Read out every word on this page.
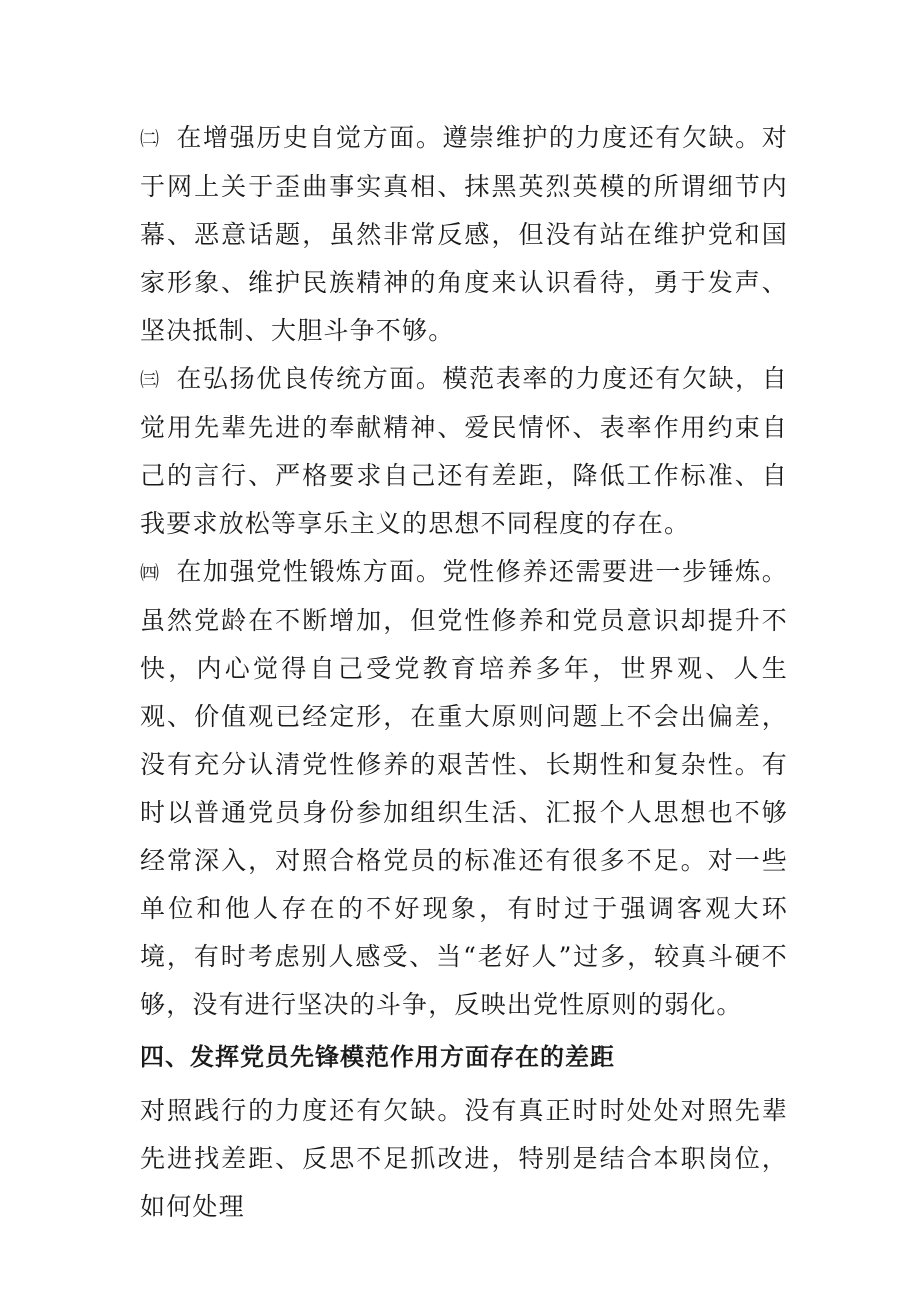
㈡ 在增强历史自觉方面。遵崇维护的力度还有欠缺。对于网上关于歪曲事实真相、抹黑英烈英模的所谓细节内幕、恶意话题，虽然非常反感，但没有站在维护党和国家形象、维护民族精神的角度来认识看待，勇于发声、坚决抵制、大胆斗争不够。

㈢ 在弘扬优良传统方面。模范表率的力度还有欠缺，自觉用先辈先进的奉献精神、爱民情怀、表率作用约束自己的言行、严格要求自己还有差距，降低工作标准、自我要求放松等享乐主义的思想不同程度的存在。

㈣ 在加强党性锻炼方面。党性修养还需要进一步锤炼。虽然党龄在不断增加，但党性修养和党员意识却提升不快，内心觉得自己受党教育培养多年，世界观、人生观、价值观已经定形，在重大原则问题上不会出偏差，没有充分认清党性修养的艰苦性、长期性和复杂性。有时以普通党员身份参加组织生活、汇报个人思想也不够经常深入，对照合格党员的标准还有很多不足。对一些单位和他人存在的不好现象，有时过于强调客观大环境，有时考虑别人感受、当“老好人”过多，较真斗硬不够，没有进行坚决的斗争，反映出党性原则的弱化。

四、发挥党员先锋模范作用方面存在的差距

对照践行的力度还有欠缺。没有真正时时处处对照先辈先进找差距、反思不足抓改进，特别是结合本职岗位，如何处理
